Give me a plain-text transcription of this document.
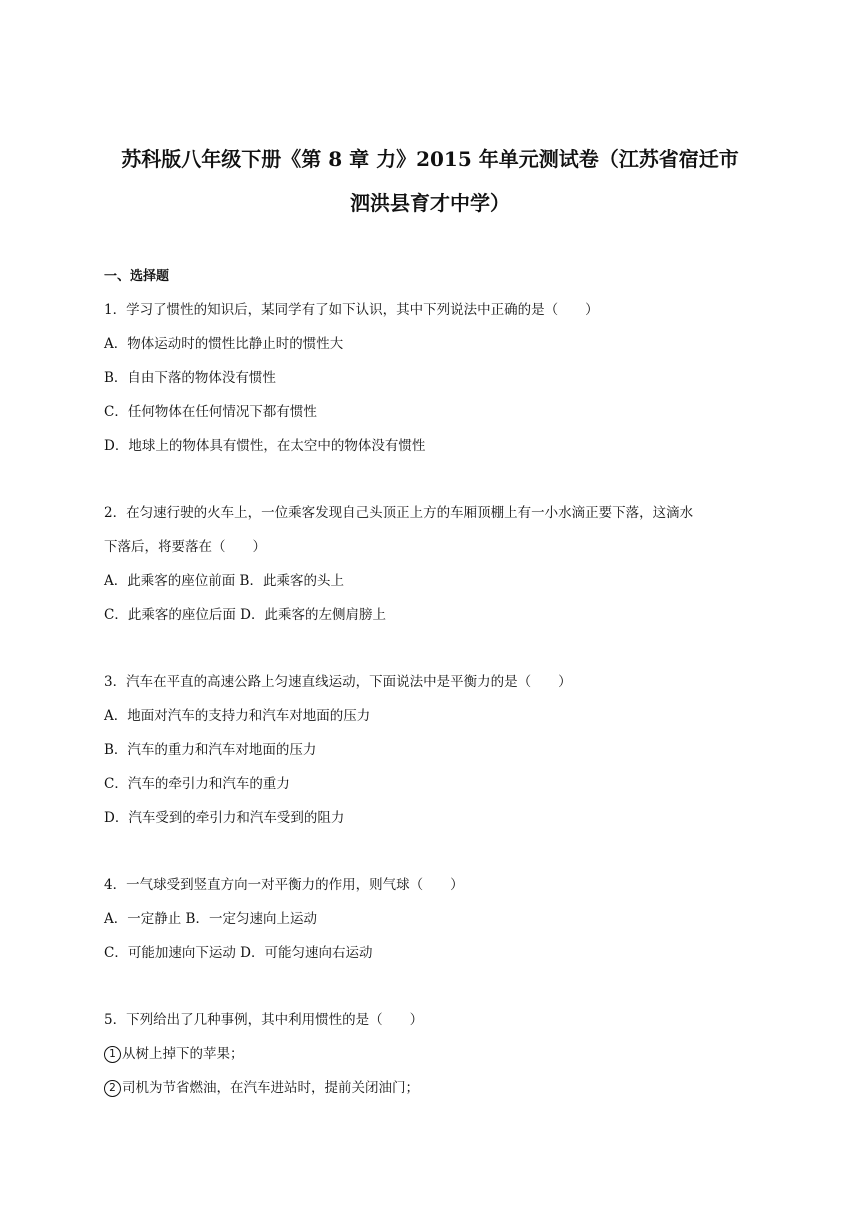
苏科版八年级下册《第 8 章 力》2015 年单元测试卷（江苏省宿迁市
泗洪县育才中学）
一、选择题
1．学习了惯性的知识后，某同学有了如下认识，其中下列说法中正确的是（　　）
A．物体运动时的惯性比静止时的惯性大
B．自由下落的物体没有惯性
C．任何物体在任何情况下都有惯性
D．地球上的物体具有惯性，在太空中的物体没有惯性
2．在匀速行驶的火车上，一位乘客发现自己头顶正上方的车厢顶棚上有一小水滴正要下落，这滴水
下落后，将要落在（　　）
A．此乘客的座位前面 B．此乘客的头上
C．此乘客的座位后面 D．此乘客的左侧肩膀上
3．汽车在平直的高速公路上匀速直线运动，下面说法中是平衡力的是（　　）
A．地面对汽车的支持力和汽车对地面的压力
B．汽车的重力和汽车对地面的压力
C．汽车的牵引力和汽车的重力
D．汽车受到的牵引力和汽车受到的阻力
4．一气球受到竖直方向一对平衡力的作用，则气球（　　）
A．一定静止 B．一定匀速向上运动
C．可能加速向下运动 D．可能匀速向右运动
5．下列给出了几种事例，其中利用惯性的是（　　）
1 从树上掉下的苹果；
2 司机为节省燃油，在汽车进站时，提前关闭油门；
